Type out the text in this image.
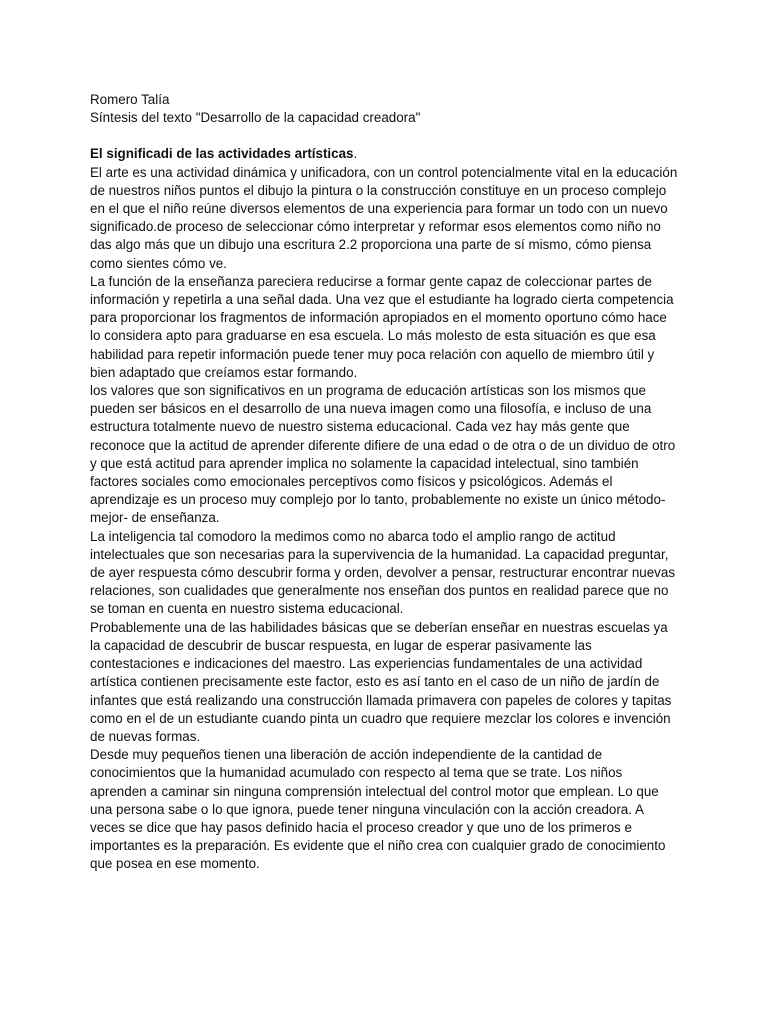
Romero Talía

Síntesis del texto "Desarrollo de la capacidad creadora"

El significadi de las actividades artísticas.

El arte es una actividad dinámica y unificadora, con un control potencialmente vital en la educación de nuestros niños puntos el dibujo la pintura o la construcción constituye en un proceso complejo en el que el niño reúne diversos elementos de una experiencia para formar un todo con un nuevo significado.de proceso de seleccionar cómo interpretar y reformar esos elementos como niño no das algo más que un dibujo una escritura 2.2 proporciona una parte de sí mismo, cómo piensa como sientes cómo ve.

La función de la enseñanza pareciera reducirse a formar gente capaz de coleccionar partes de información y repetirla a una señal dada. Una vez que el estudiante ha logrado cierta competencia para proporcionar los fragmentos de información apropiados en el momento oportuno cómo hace lo considera apto para graduarse en esa escuela. Lo más molesto de esta situación es que esa habilidad para repetir información puede tener muy poca relación con aquello de miembro útil y bien adaptado que creíamos estar formando.

los valores que son significativos en un programa de educación artísticas son los mismos que pueden ser básicos en el desarrollo de una nueva imagen como una filosofía, e incluso de una estructura totalmente nuevo de nuestro sistema educacional. Cada vez hay más gente que reconoce que la actitud de aprender diferente difiere de una edad o de otra o de un dividuo de otro y que está actitud para aprender implica no solamente la capacidad intelectual, sino también factores sociales como emocionales perceptivos como físicos y psicológicos. Además el aprendizaje es un proceso muy complejo por lo tanto, probablemente no existe un único método- mejor- de enseñanza.

La inteligencia tal comodoro la medimos como no abarca todo el amplio rango de actitud intelectuales que son necesarias para la supervivencia de la humanidad. La capacidad preguntar, de ayer respuesta cómo descubrir forma y orden, devolver a pensar, restructurar encontrar nuevas relaciones, son cualidades que generalmente nos enseñan dos puntos en realidad parece que no se toman en cuenta en nuestro sistema educacional.

Probablemente una de las habilidades básicas que se deberían enseñar en nuestras escuelas ya la capacidad de descubrir de buscar respuesta, en lugar de esperar pasivamente las contestaciones e indicaciones del maestro. Las experiencias fundamentales de una actividad artística contienen precisamente este factor, esto es así tanto en el caso de un niño de jardín de infantes que está realizando una construcción llamada primavera con papeles de colores y tapitas como en el de un estudiante cuando pinta un cuadro que requiere mezclar los colores e invención de nuevas formas.

Desde muy pequeños tienen una liberación de acción independiente de la cantidad de conocimientos que la humanidad acumulado con respecto al tema que se trate. Los niños aprenden a caminar sin ninguna comprensión intelectual del control motor que emplean. Lo que una persona sabe o lo que ignora, puede tener ninguna vinculación con la acción creadora. A veces se dice que hay pasos definido hacia el proceso creador y que uno de los primeros e importantes es la preparación. Es evidente que el niño crea con cualquier grado de conocimiento que posea en ese momento.
